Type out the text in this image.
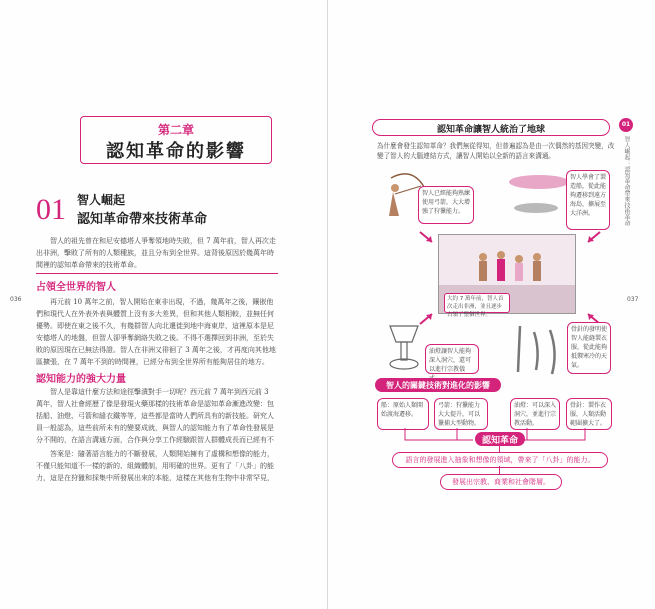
第二章
認知革命的影響
01 智人崛起
認知革命帶來技術革命
智人的祖先曾在和尼安德塔人爭奪領地時失敗，但 7 萬年前，智人再次走出非洲，擊敗了所有的人類種族，並且分布到全世界。這背後原因於幾萬年時間裡的認知革命帶來的技術革命。
占領全世界的智人
再元前 10 萬年之前，智人開始在東非出現，不過，幾萬年之後，鑲嵌他們和現代人在外表外表與體質上沒有多大差異，但和其他人類相較，並無任何優勢。即使在東之後不久，有幾群智人向北遷徙到地中海東岸，這裡原本是尼安德塔人的地盤，但智人卻爭奪網絡失敗之後。不得不選擇回到非洲，至於失敗的原因現在已無法得證。智人在非洲又徘徊了 3 萬年之後，才再度向其他地區擴張，在 7 萬年不到的時間裡，已經分布到全世界所有能夠居住的地方。
認知能力的強大力量
智人是靠這什麼方法和途徑擊潰對手一切呢？西元前 7 萬年到西元前 3 萬年，智人社會經歷了像是發現火藥那樣的技術革命是認知革命漸進改變：包括船、油燈、弓箭和縫衣鐵等等，這些都是當時人們所具有的新技能。研究人員一般認為，這些前所未有的變要成就，與智人的認知能力有了革命性發展是分不開的，在語言溝通方面，合作與分享工作經驗跟智人群體成長而已經有不
答案是：隨著語言能力的不斷發展，人類開始擁有了虛構和想像的能力，不僅只能知道不一樣的新的、組織體制，用明確的世界。更有了「八卦」的能力，這是在狩獵和採集中所發展出來的本能，這樣在其他有生物中非常罕見，
036
認知革命讓智人統治了地球
為什麼會發生認知革命？我們無從得知，但普遍認為是由一次偶然的基因突變，改變了智人的大腦連結方式，讓智人開始以全新的語言來溝通。
智人已經能夠熟練使用弓箭，大大增強了狩獵能力。
智人學會了製造船，從此能夠遷移到遠方海島，擴展至大洋洲。
大約 7 萬年前，智人首次走出非洲，並且逐步占領了整個世界。
油燈讓智人能夠深入洞穴，還可以進行宗教儀
骨針的發明使智人能縫製衣服，從此能夠抵禦寒冷的天氣。
智人的關鍵技術對進化的影響
船：原始人類開始渡海遷移。
弓箭：狩獵能力大大提升，可以獵捕大型動物。
油燈：可以深入洞穴，並進行宗教活動。
骨針：製作衣服，人類活動範圍擴大了。
認知革命
語言的發展進入抽象和想像的領域，帶來了「八卦」的能力。
發展出宗教、商業和社會階層。
01
智人崛起：認知革命帶來技術革命
037
